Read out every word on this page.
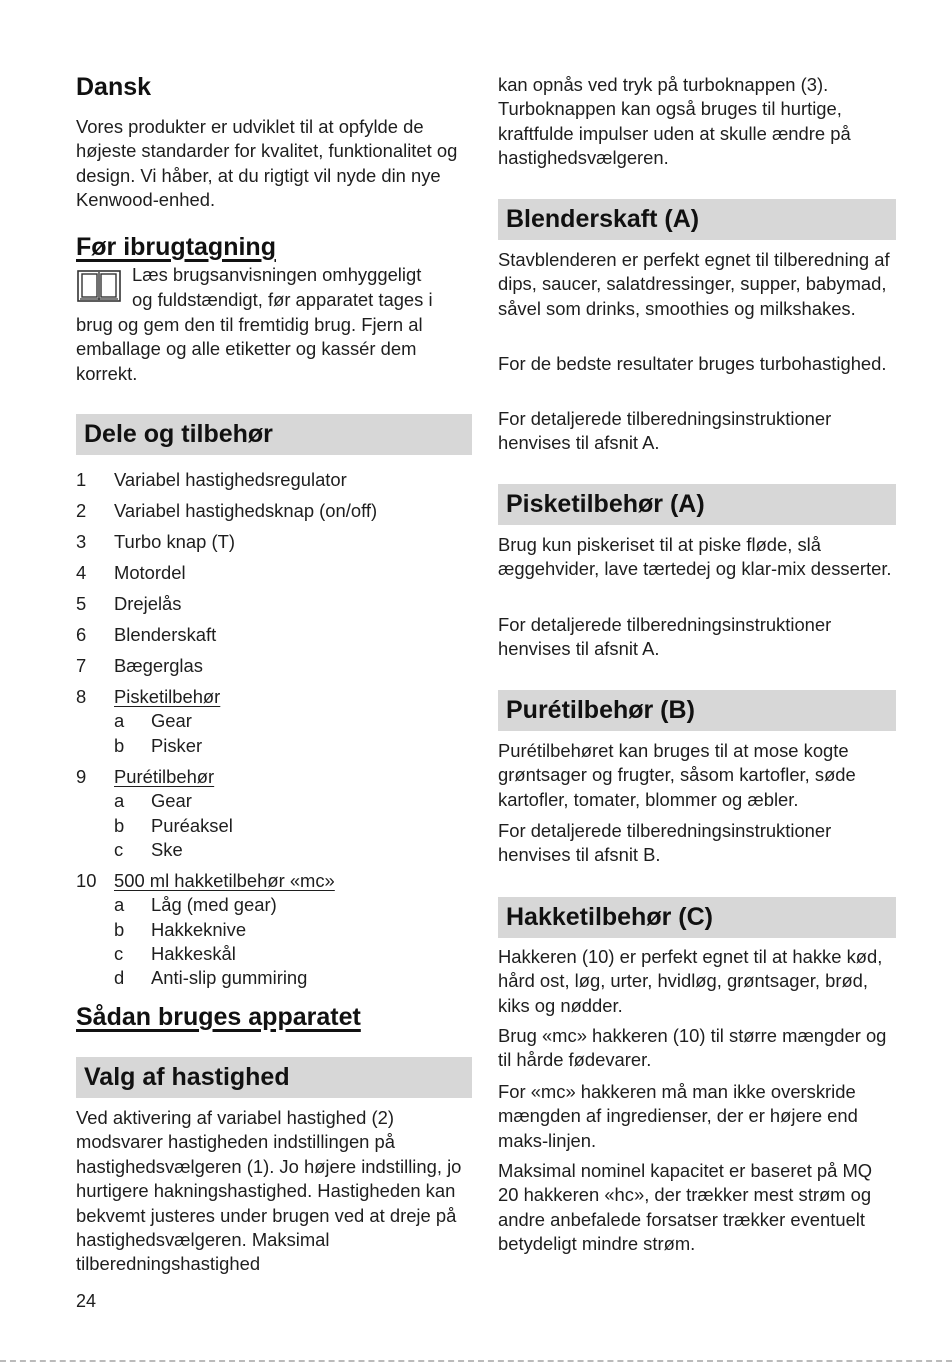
Dansk

Vores produkter er udviklet til at opfylde de højeste standarder for kvalitet, funktionalitet og design. Vi håber, at du rigtigt vil nyde din nye Kenwood-enhed.

Før ibrugtagning

Læs brugsanvisningen omhyggeligt

og fuldstændigt, før apparatet tages i

brug og gem den til fremtidig brug. Fjern al emballage og alle etiketter og kassér dem korrekt.

Dele og tilbehør
1 Variabel hastighedsregulator
2 Variabel hastighedsknap (on/off)
3 Turbo knap (T)
4 Motordel
5 Drejelås
6 Blenderskaft
7 Bægerglas
8 Pisketilbehør
a Gear
b Pisker
9 Purétilbehør
a Gear
b Puréaksel
c Ske
10 500 ml hakketilbehør «mc»
a Låg (med gear)
b Hakkeknive
c Hakkeskål
d Anti-slip gummiring
Sådan bruges apparatet
Valg af hastighed

Ved aktivering af variabel hastighed (2) modsvarer hastigheden indstillingen på hastighedsvælgeren (1). Jo højere indstilling, jo hurtigere hakningshastighed. Hastigheden kan bekvemt justeres under brugen ved at dreje på hastighedsvælgeren. Maksimal tilberedningshastighed

kan opnås ved tryk på turboknappen (3). Turboknappen kan også bruges til hurtige, kraftfulde impulser uden at skulle ændre på hastighedsvælgeren.

Blenderskaft (A)

Stavblenderen er perfekt egnet til tilberedning af dips, saucer, salatdressinger, supper, babymad, såvel som drinks, smoothies og milkshakes.

For de bedste resultater bruges turbohastighed.

For detaljerede tilberedningsinstruktioner henvises til afsnit A.

Pisketilbehør (A)

Brug kun piskeriset til at piske fløde, slå æggehvider, lave tærtedej og klar-mix desserter.

For detaljerede tilberedningsinstruktioner henvises til afsnit A.

Purétilbehør (B)

Purétilbehøret kan bruges til at mose kogte grøntsager og frugter, såsom kartofler, søde kartofler, tomater, blommer og æbler.

For detaljerede tilberedningsinstruktioner henvises til afsnit B.

Hakketilbehør (C)

Hakkeren (10) er perfekt egnet til at hakke kød, hård ost, løg, urter, hvidløg, grøntsager, brød, kiks og nødder.

Brug «mc» hakkeren (10) til større mængder og til hårde fødevarer.

For «mc» hakkeren må man ikke overskride mængden af ingredienser, der er højere end maks-linjen.

Maksimal nominel kapacitet er baseret på MQ 20 hakkeren «hc», der trækker mest strøm og andre anbefalede forsatser trækker eventuelt betydeligt mindre strøm.

24
